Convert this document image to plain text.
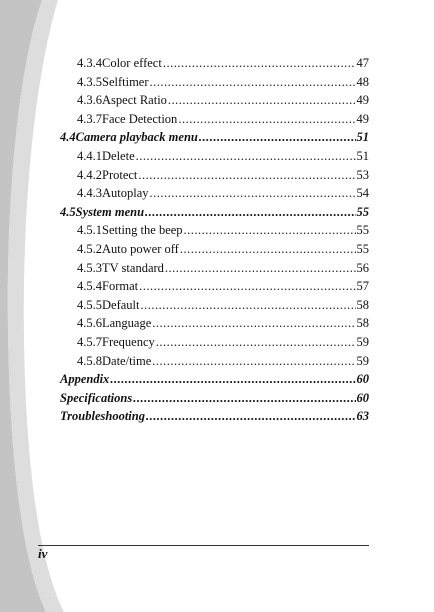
4.3.4 Color effect .....	47
4.3.5 Selftimer .....	48
4.3.6 Aspect Ratio .....	49
4.3.7 Face Detection .....	49
4.4 Camera playback menu .....	51
4.4.1 Delete .....	51
4.4.2 Protect .....	53
4.4.3 Autoplay .....	54
4.5 System menu .....	55
4.5.1 Setting the beep .....	55
4.5.2 Auto power off .....	55
4.5.3 TV standard .....	56
4.5.4 Format .....	57
4.5.5 Default .....	58
4.5.6 Language .....	58
4.5.7 Frequency .....	59
4.5.8 Date/time .....	59
Appendix .....	60
Specifications .....	60
Troubleshooting .....	63
iv
